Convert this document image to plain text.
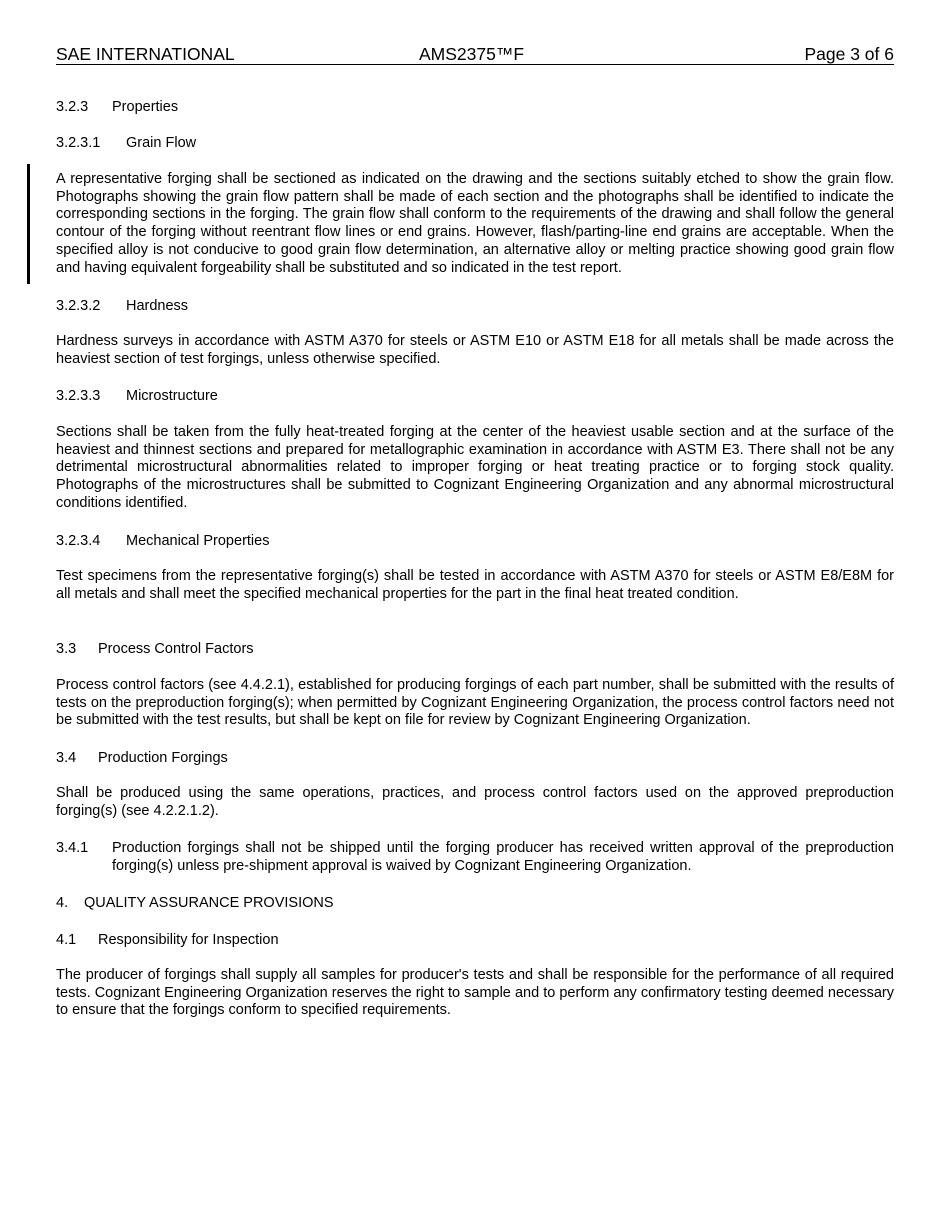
SAE INTERNATIONAL	AMS2375™F	Page 3 of 6
3.2.3 Properties
3.2.3.1 Grain Flow
A representative forging shall be sectioned as indicated on the drawing and the sections suitably etched to show the grain flow. Photographs showing the grain flow pattern shall be made of each section and the photographs shall be identified to indicate the corresponding sections in the forging. The grain flow shall conform to the requirements of the drawing and shall follow the general contour of the forging without reentrant flow lines or end grains. However, flash/parting-line end grains are acceptable. When the specified alloy is not conducive to good grain flow determination, an alternative alloy or melting practice showing good grain flow and having equivalent forgeability shall be substituted and so indicated in the test report.
3.2.3.2 Hardness
Hardness surveys in accordance with ASTM A370 for steels or ASTM E10 or ASTM E18 for all metals shall be made across the heaviest section of test forgings, unless otherwise specified.
3.2.3.3 Microstructure
Sections shall be taken from the fully heat-treated forging at the center of the heaviest usable section and at the surface of the heaviest and thinnest sections and prepared for metallographic examination in accordance with ASTM E3. There shall not be any detrimental microstructural abnormalities related to improper forging or heat treating practice or to forging stock quality. Photographs of the microstructures shall be submitted to Cognizant Engineering Organization and any abnormal microstructural conditions identified.
3.2.3.4 Mechanical Properties
Test specimens from the representative forging(s) shall be tested in accordance with ASTM A370 for steels or ASTM E8/E8M for all metals and shall meet the specified mechanical properties for the part in the final heat treated condition.
3.3 Process Control Factors
Process control factors (see 4.4.2.1), established for producing forgings of each part number, shall be submitted with the results of tests on the preproduction forging(s); when permitted by Cognizant Engineering Organization, the process control factors need not be submitted with the test results, but shall be kept on file for review by Cognizant Engineering Organization.
3.4 Production Forgings
Shall be produced using the same operations, practices, and process control factors used on the approved preproduction forging(s) (see 4.2.2.1.2).
3.4.1 Production forgings shall not be shipped until the forging producer has received written approval of the preproduction forging(s) unless pre-shipment approval is waived by Cognizant Engineering Organization.
4. QUALITY ASSURANCE PROVISIONS
4.1 Responsibility for Inspection
The producer of forgings shall supply all samples for producer's tests and shall be responsible for the performance of all required tests. Cognizant Engineering Organization reserves the right to sample and to perform any confirmatory testing deemed necessary to ensure that the forgings conform to specified requirements.
